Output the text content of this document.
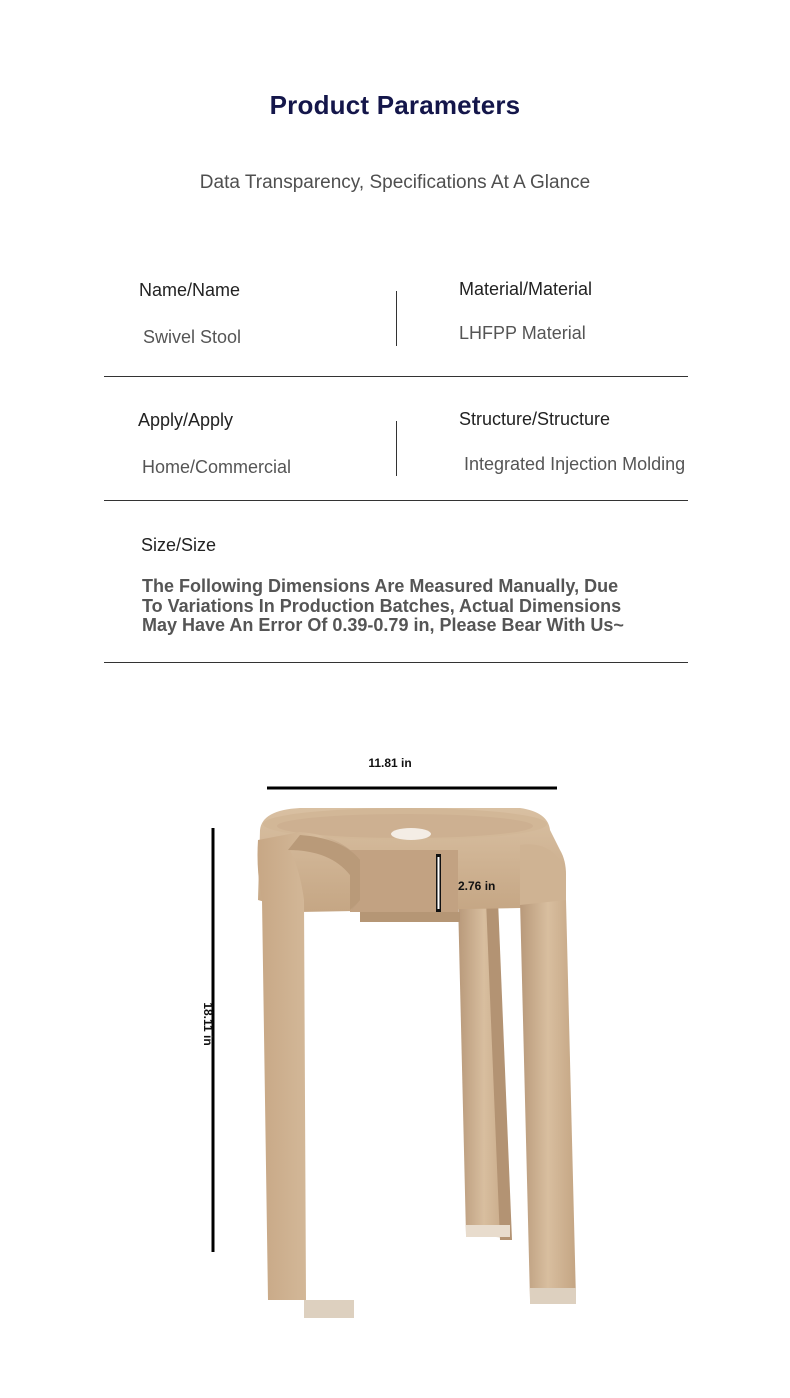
Product Parameters
Data Transparency, Specifications At A Glance
Name/Name
Swivel Stool
Material/Material
LHFPP Material
Apply/Apply
Home/Commercial
Structure/Structure
Integrated Injection Molding
Size/Size
The Following Dimensions Are Measured Manually, Due
To Variations In Production Batches, Actual Dimensions
May Have An Error Of 0.39-0.79 in, Please Bear With Us~
11.81 in
2.76 in
18.11 in
